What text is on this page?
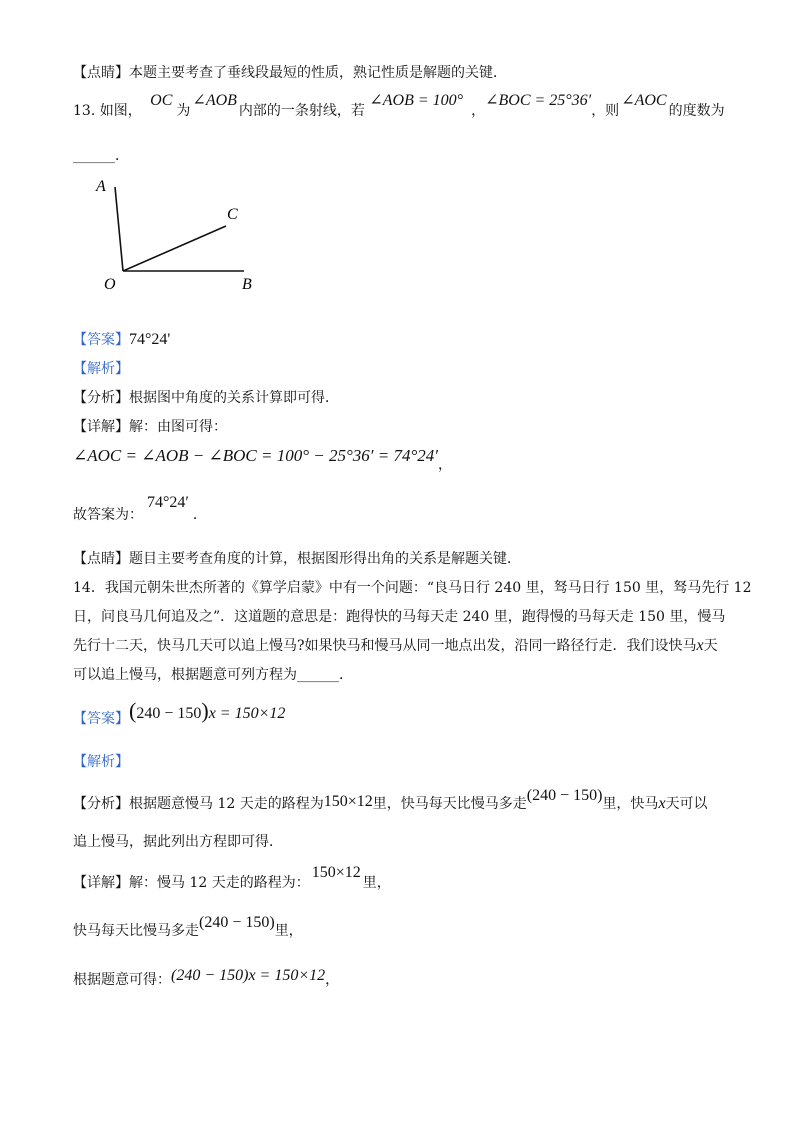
【点睛】本题主要考查了垂线段最短的性质，熟记性质是解题的关键．
13. 如图， OC为∠AOB内部的一条射线，若 ∠AOB = 100°，∠BOC = 25°36′，则∠AOC的度数为
______．
A
C
O	B
【答案】74°24'
【解析】
【分析】根据图中角度的关系计算即可得．
【详解】解：由图可得：
∠AOC = ∠AOB − ∠BOC = 100° − 25°36′ = 74°24′，
故答案为：74°24′．
【点睛】题目主要考查角度的计算，根据图形得出角的关系是解题关键．
14．我国元朝朱世杰所著的《算学启蒙》中有一个问题：“良马日行 240 里，驽马日行 150 里，驽马先行 12
日，问良马几何追及之”．这道题的意思是：跑得快的马每天走 240 里，跑得慢的马每天走 150 里，慢马
先行十二天，快马几天可以追上慢马?如果快马和慢马从同一地点出发，沿同一路径行走．我们设快马x天
可以追上慢马，根据题意可列方程为______．
【答案】 (240 − 150)x = 150×12
【解析】
【分析】根据题意慢马 12 天走的路程为150×12里，快马每天比慢马多走(240 − 150)里，快马x天可以
追上慢马，据此列出方程即可得．
【详解】解：慢马 12 天走的路程为：150×12里，
快马每天比慢马多走(240 − 150)里，
根据题意可得：(240 − 150)x = 150×12，
